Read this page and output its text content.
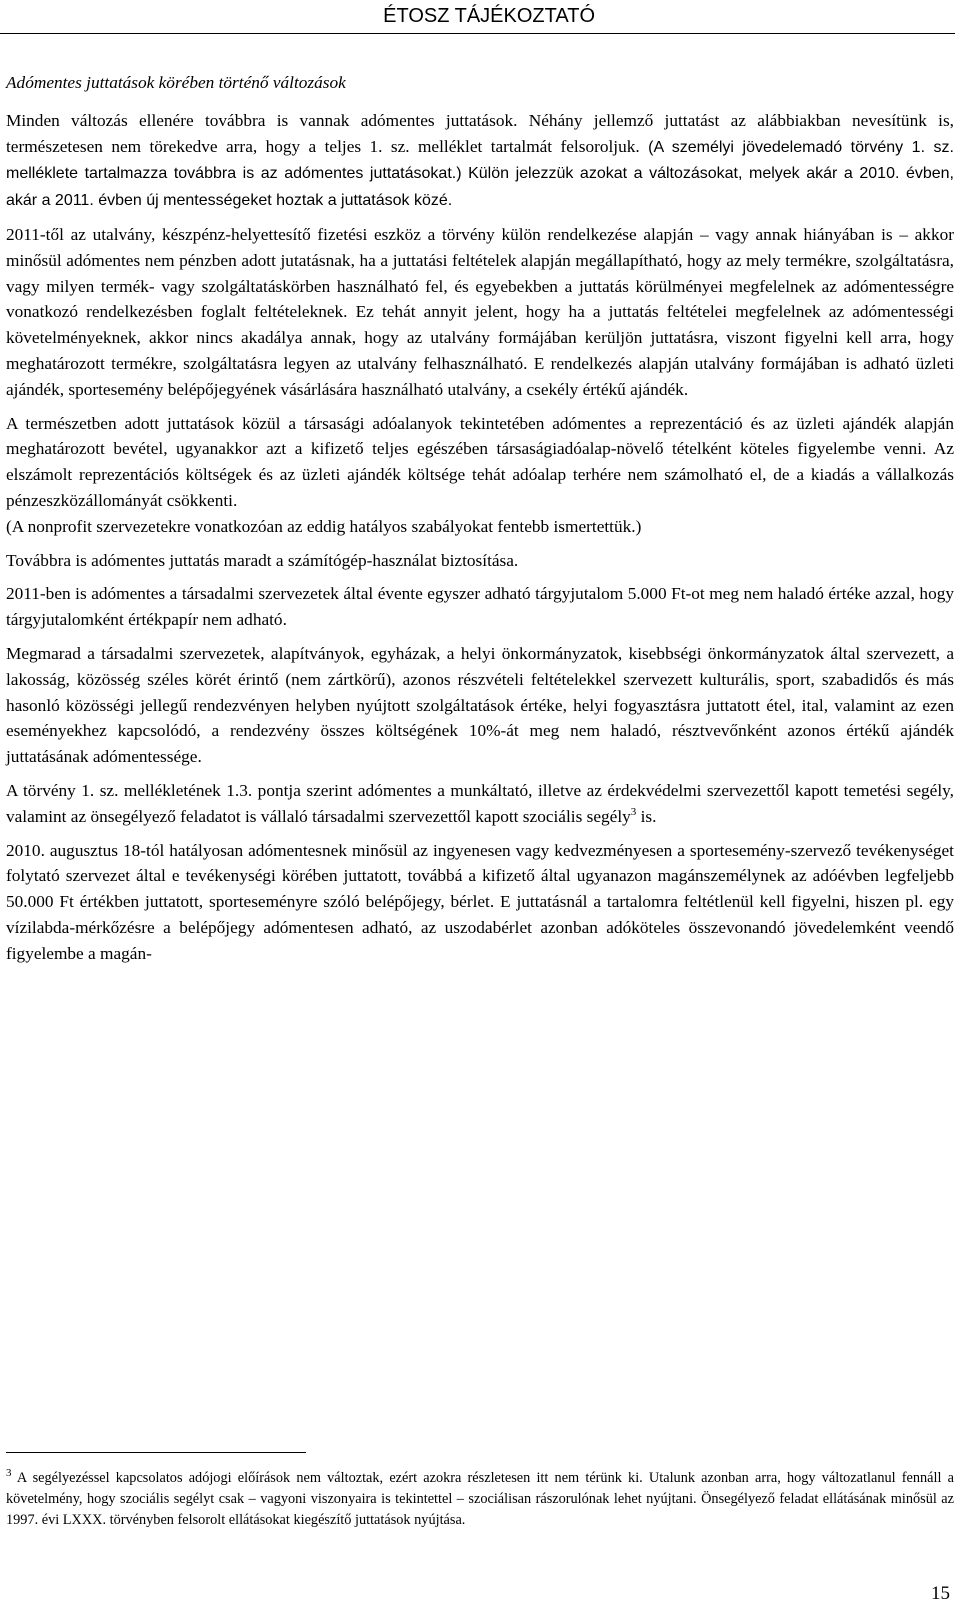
ÉTOSZ TÁJÉKOZTATÓ
Adómentes juttatások körében történő változások

Minden változás ellenére továbbra is vannak adómentes juttatások. Néhány jellemző juttatást az alábbiakban nevesítünk is, természetesen nem törekedve arra, hogy a teljes 1. sz. melléklet tartalmát felsoroljuk. (A személyi jövedelemadó törvény 1. sz. melléklete tartalmazza továbbra is az adómentes juttatásokat.) Külön jelezzük azokat a változásokat, melyek akár a 2010. évben, akár a 2011. évben új mentességeket hoztak a juttatások közé.

2011-től az utalvány, készpénz-helyettesítő fizetési eszköz a törvény külön rendelkezése alapján – vagy annak hiányában is – akkor minősül adómentes nem pénzben adott jutatásnak, ha a juttatási feltételek alapján megállapítható, hogy az mely termékre, szolgáltatásra, vagy milyen termék- vagy szolgáltatáskörben használható fel, és egyebekben a juttatás körülményei megfelelnek az adómentességre vonatkozó rendelkezésben foglalt feltételeknek. Ez tehát annyit jelent, hogy ha a juttatás feltételei megfelelnek az adómentességi követelményeknek, akkor nincs akadálya annak, hogy az utalvány formájában kerüljön juttatásra, viszont figyelni kell arra, hogy meghatározott termékre, szolgáltatásra legyen az utalvány felhasználható. E rendelkezés alapján utalvány formájában is adható üzleti ajándék, sportesemény belépőjegyének vásárlására használható utalvány, a csekély értékű ajándék.

A természetben adott juttatások közül a társasági adóalanyok tekintetében adómentes a reprezentáció és az üzleti ajándék alapján meghatározott bevétel, ugyanakkor azt a kifizető teljes egészében társaságiadóalap-növelő tételként köteles figyelembe venni. Az elszámolt reprezentációs költségek és az üzleti ajándék költsége tehát adóalap terhére nem számolható el, de a kiadás a vállalkozás pénzeszközállományát csökkenti.

(A nonprofit szervezetekre vonatkozóan az eddig hatályos szabályokat fentebb ismertettük.)

Továbbra is adómentes juttatás maradt a számítógép-használat biztosítása.

2011-ben is adómentes a társadalmi szervezetek által évente egyszer adható tárgyjutalom 5.000 Ft-ot meg nem haladó értéke azzal, hogy tárgyjutalomként értékpapír nem adható.

Megmarad a társadalmi szervezetek, alapítványok, egyházak, a helyi önkormányzatok, kisebbségi önkormányzatok által szervezett, a lakosság, közösség széles körét érintő (nem zártkörű), azonos részvételi feltételekkel szervezett kulturális, sport, szabadidős és más hasonló közösségi jellegű rendezvényen helyben nyújtott szolgáltatások értéke, helyi fogyasztásra juttatott étel, ital, valamint az ezen eseményekhez kapcsolódó, a rendezvény összes költségének 10%-át meg nem haladó, résztvevőnként azonos értékű ajándék juttatásának adómentessége.

A törvény 1. sz. mellékletének 1.3. pontja szerint adómentes a munkáltató, illetve az érdekvédelmi szervezettől kapott temetési segély, valamint az önsegélyező feladatot is vállaló társadalmi szervezettől kapott szociális segély$^3$ is.

2010. augusztus 18-tól hatályosan adómentesnek minősül az ingyenesen vagy kedvezményesen a sportesemény-szervező tevékenységet folytató szervezet által e tevékenységi körében juttatott, továbbá a kifizető által ugyanazon magánszemélynek az adóévben legfeljebb 50.000 Ft értékben juttatott, sporteseményre szóló belépőjegy, bérlet. E juttatásnál a tartalomra feltétlenül kell figyelni, hiszen pl. egy vízilabda-mérkőzésre a belépőjegy adómentesen adható, az uszodabérlet azonban adóköteles összevonandó jövedelemként veendő figyelembe a magán-

$^3$ A segélyezéssel kapcsolatos adójogi előírások nem változtak, ezért azokra részletesen itt nem térünk ki. Utalunk azonban arra, hogy változatlanul fennáll a követelmény, hogy szociális segélyt csak – vagyoni viszonyaira is tekintettel – szociálisan rászorulónak lehet nyújtani. Önsegélyező feladat ellátásának minősül az 1997. évi LXXX. törvényben felsorolt ellátásokat kiegészítő juttatások nyújtása.
15
